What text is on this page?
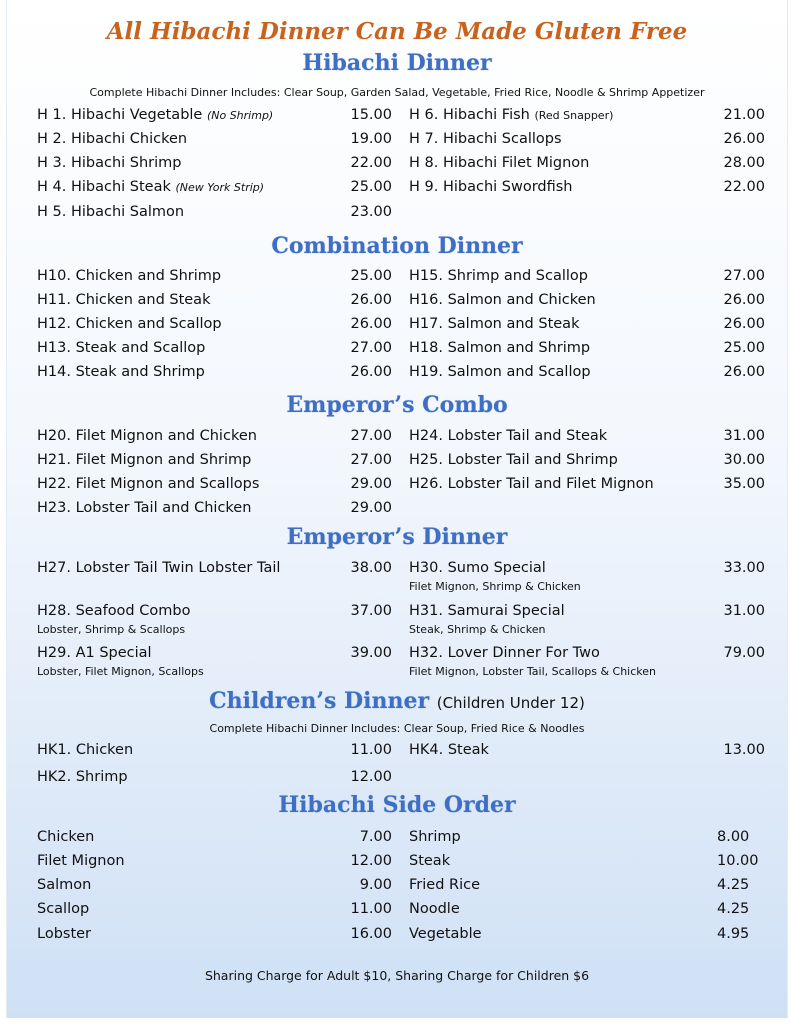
All Hibachi Dinner Can Be Made Gluten Free
Hibachi Dinner
Complete Hibachi Dinner Includes: Clear Soup, Garden Salad, Vegetable, Fried Rice, Noodle & Shrimp Appetizer
H 1. Hibachi Vegetable (No Shrimp)	15.00
H 2. Hibachi Chicken	19.00
H 3. Hibachi Shrimp	22.00
H 4. Hibachi Steak (New York Strip)	25.00
H 5. Hibachi Salmon	23.00
H 6. Hibachi Fish (Red Snapper)	21.00
H 7. Hibachi Scallops	26.00
H 8. Hibachi Filet Mignon	28.00
H 9. Hibachi Swordfish	22.00
Combination Dinner
H10. Chicken and Shrimp	25.00
H11. Chicken and Steak	26.00
H12. Chicken and Scallop	26.00
H13. Steak and Scallop	27.00
H14. Steak and Shrimp	26.00
H15. Shrimp and Scallop	27.00
H16. Salmon and Chicken	26.00
H17. Salmon and Steak	26.00
H18. Salmon and Shrimp	25.00
H19. Salmon and Scallop	26.00
Emperor’s Combo
H20. Filet Mignon and Chicken	27.00
H21. Filet Mignon and Shrimp	27.00
H22. Filet Mignon and Scallops	29.00
H23. Lobster Tail and Chicken	29.00
H24. Lobster Tail and Steak	31.00
H25. Lobster Tail and Shrimp	30.00
H26. Lobster Tail and Filet Mignon	35.00
Emperor’s Dinner
H27. Lobster Tail Twin Lobster Tail	38.00
H28. Seafood Combo	37.00
Lobster, Shrimp & Scallops
H29. A1 Special	39.00
Lobster, Filet Mignon, Scallops
H30. Sumo Special	33.00
Filet Mignon, Shrimp & Chicken
H31. Samurai Special	31.00
Steak, Shrimp & Chicken
H32. Lover Dinner For Two	79.00
Filet Mignon, Lobster Tail, Scallops & Chicken
Children’s Dinner (Children Under 12)
Complete Hibachi Dinner Includes: Clear Soup, Fried Rice & Noodles
HK1. Chicken	11.00
HK2. Shrimp	12.00
HK4. Steak	13.00
Hibachi Side Order
Chicken	7.00
Filet Mignon	12.00
Salmon	9.00
Scallop	11.00
Lobster	16.00
Shrimp	8.00
Steak	10.00
Fried Rice	4.25
Noodle	4.25
Vegetable	4.95
Sharing Charge for Adult $10, Sharing Charge for Children $6
